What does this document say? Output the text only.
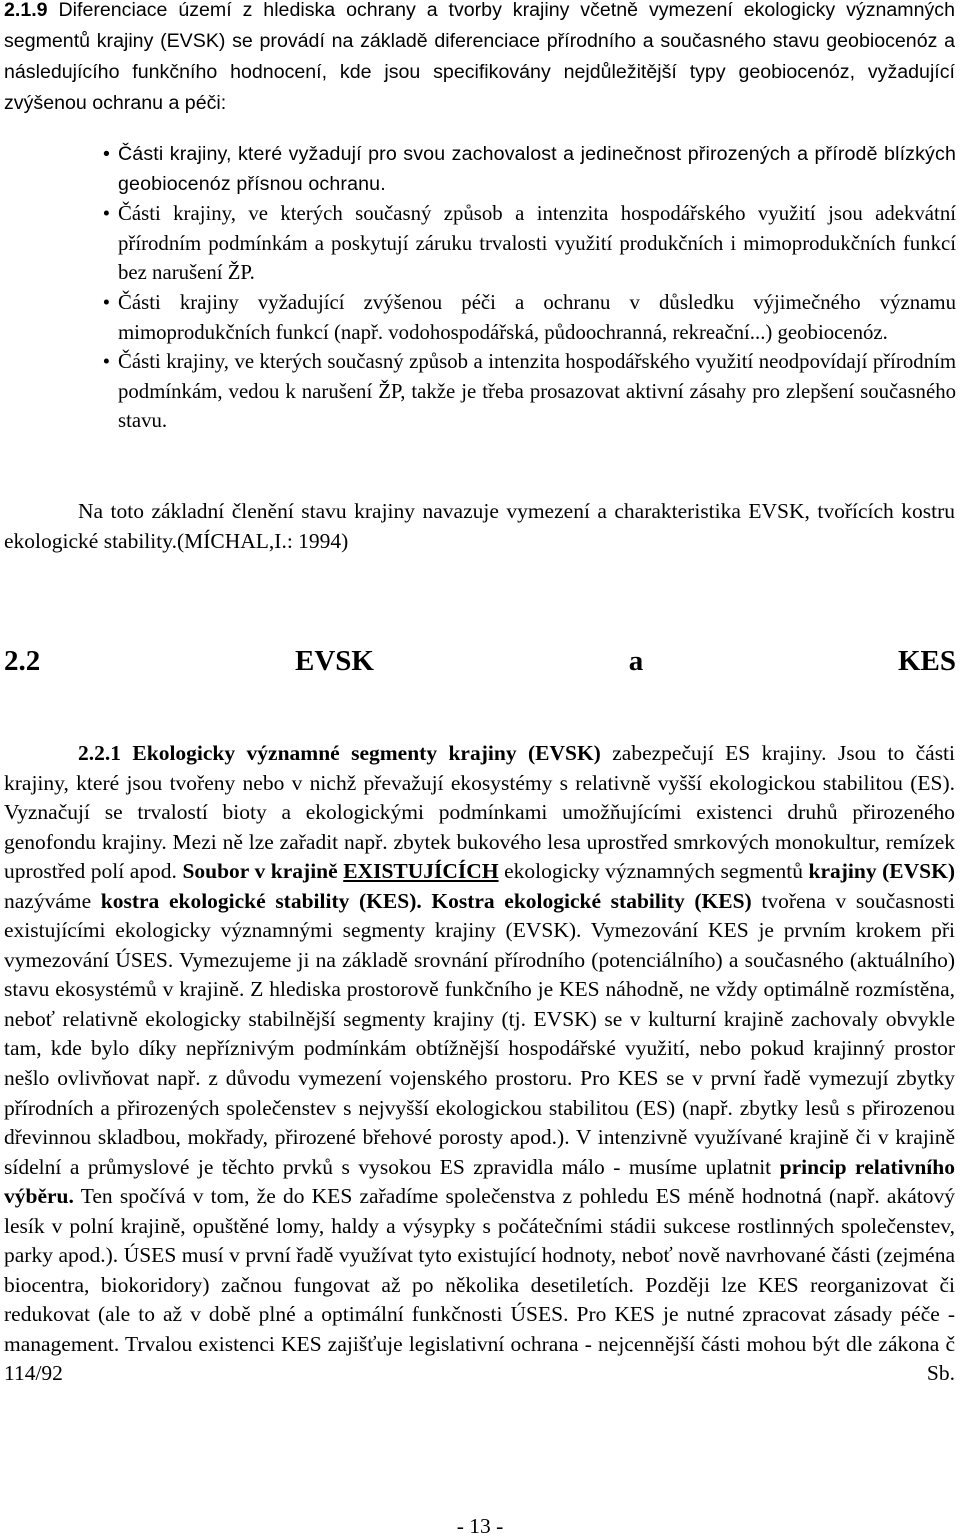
2.1.9 Diferenciace území z hlediska ochrany a tvorby krajiny včetně vymezení ekologicky významných segmentů krajiny (EVSK) se provádí na základě diferenciace přírodního a současného stavu geobiocenóz a následujícího funkčního hodnocení, kde jsou specifikovány nejdůležitější typy geobiocenóz, vyžadující zvýšenou ochranu a péči:

• Části krajiny, které vyžadují pro svou zachovalost a jedinečnost přirozených a přírodě blízkých geobiocenóz přísnou ochranu.
• Části krajiny, ve kterých současný způsob a intenzita hospodářského využití jsou adekvátní přírodním podmínkám a poskytují záruku trvalosti využití produkčních i mimoprodukčních funkcí bez narušení ŽP.
• Části krajiny vyžadující zvýšenou péči a ochranu v důsledku výjimečného významu mimoprodukčních funkcí (např. vodohospodářská, půdoochranná, rekreační...) geobiocenóz.
• Části krajiny, ve kterých současný způsob a intenzita hospodářského využití neodpovídají přírodním podmínkám, vedou k narušení ŽP, takže je třeba prosazovat aktivní zásahy pro zlepšení současného stavu.

Na toto základní členění stavu krajiny navazuje vymezení a charakteristika EVSK, tvořících kostru ekologické stability.(MÍCHAL,I.: 1994)

2.2	EVSK	a	KES

2.2.1 Ekologicky významné segmenty krajiny (EVSK) zabezpečují ES krajiny. Jsou to části krajiny, které jsou tvořeny nebo v nichž převažují ekosystémy s relativně vyšší ekologickou stabilitou (ES). Vyznačují se trvalostí bioty a ekologickými podmínkami umožňujícími existenci druhů přirozeného genofondu krajiny. Mezi ně lze zařadit např. zbytek bukového lesa uprostřed smrkových monokultur, remízek uprostřed polí apod. Soubor v krajině EXISTUJÍCÍCH ekologicky významných segmentů krajiny (EVSK) nazýváme kostra ekologické stability (KES). Kostra ekologické stability (KES) tvořena v současnosti existujícími ekologicky významnými segmenty krajiny (EVSK). Vymezování KES je prvním krokem při vymezování ÚSES. Vymezujeme ji na základě srovnání přírodního (potenciálního) a současného (aktuálního) stavu ekosystémů v krajině. Z hlediska prostorově funkčního je KES náhodně, ne vždy optimálně rozmístěna, neboť relativně ekologicky stabilnější segmenty krajiny (tj. EVSK) se v kulturní krajině zachovaly obvykle tam, kde bylo díky nepříznivým podmínkám obtížnější hospodářské využití, nebo pokud krajinný prostor nešlo ovlivňovat např. z důvodu vymezení vojenského prostoru. Pro KES se v první řadě vymezují zbytky přírodních a přirozených společenstev s nejvyšší ekologickou stabilitou (ES) (např. zbytky lesů s přirozenou dřevinnou skladbou, mokřady, přirozené břehové porosty apod.). V intenzivně využívané krajině či v krajině sídelní a průmyslové je těchto prvků s vysokou ES zpravidla málo - musíme uplatnit princip relativního výběru. Ten spočívá v tom, že do KES zařadíme společenstva z pohledu ES méně hodnotná (např. akátový lesík v polní krajině, opuštěné lomy, haldy a výsypky s počátečními stádii sukcese rostlinných společenstev, parky apod.). ÚSES musí v první řadě využívat tyto existující hodnoty, neboť nově navrhované části (zejména biocentra, biokoridory) začnou fungovat až po několika desetiletích. Později lze KES reorganizovat či redukovat (ale to až v době plné a optimální funkčnosti ÚSES. Pro KES je nutné zpracovat zásady péče - management. Trvalou existenci KES zajišťuje legislativní ochrana - nejcennější části mohou být dle zákona č 114/92 Sb.

- 13 -
